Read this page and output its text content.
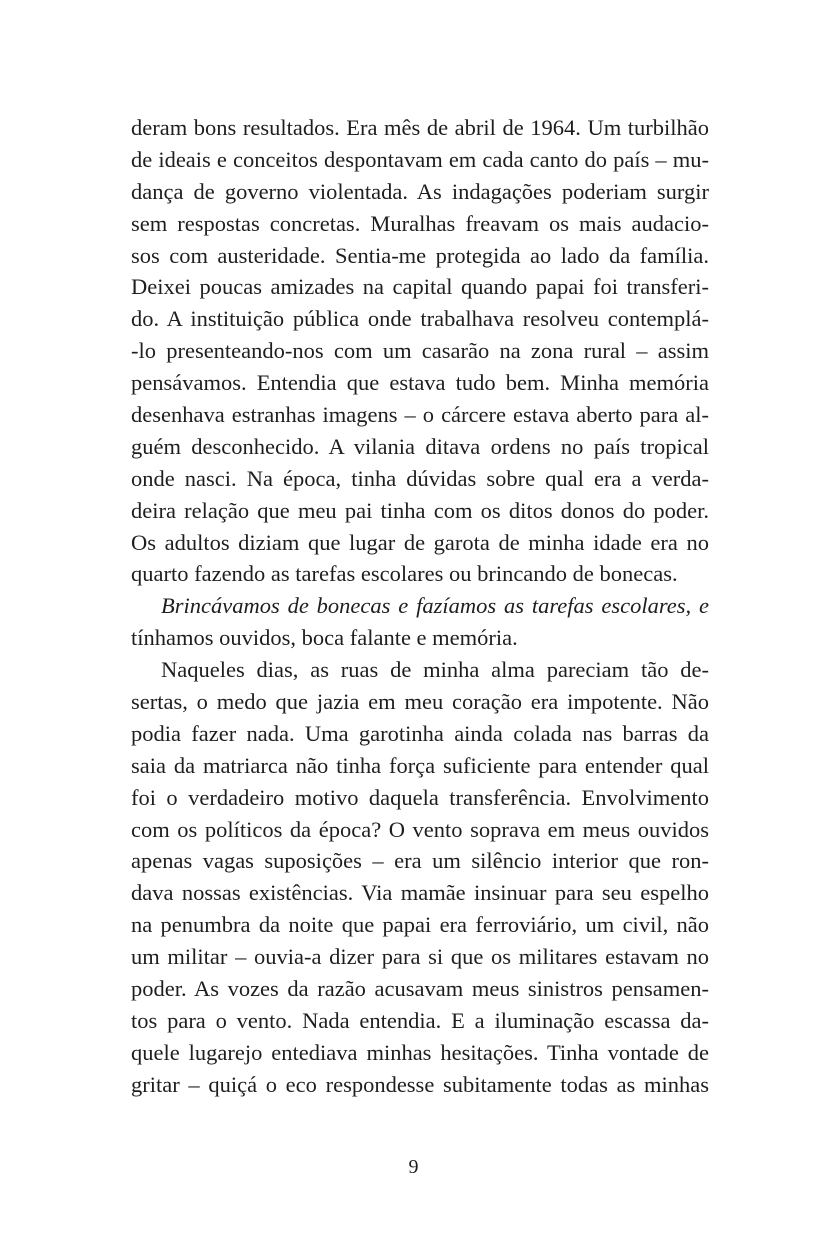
deram bons resultados. Era mês de abril de 1964. Um turbilhão
de ideais e conceitos despontavam em cada canto do país – mu-
dança de governo violentada. As indagações poderiam surgir
sem respostas concretas. Muralhas freavam os mais audacio-
sos com austeridade. Sentia-me protegida ao lado da família.
Deixei poucas amizades na capital quando papai foi transferi-
do. A instituição pública onde trabalhava resolveu contemplá-
-lo presenteando-nos com um casarão na zona rural – assim
pensávamos. Entendia que estava tudo bem. Minha memória
desenhava estranhas imagens – o cárcere estava aberto para al-
guém desconhecido. A vilania ditava ordens no país tropical
onde nasci. Na época, tinha dúvidas sobre qual era a verda-
deira relação que meu pai tinha com os ditos donos do poder.
Os adultos diziam que lugar de garota de minha idade era no
quarto fazendo as tarefas escolares ou brincando de bonecas.
Brincávamos de bonecas e fazíamos as tarefas escolares, e
tínhamos ouvidos, boca falante e memória.
Naqueles dias, as ruas de minha alma pareciam tão de-
sertas, o medo que jazia em meu coração era impotente. Não
podia fazer nada. Uma garotinha ainda colada nas barras da
saia da matriarca não tinha força suficiente para entender qual
foi o verdadeiro motivo daquela transferência. Envolvimento
com os políticos da época? O vento soprava em meus ouvidos
apenas vagas suposições – era um silêncio interior que ron-
dava nossas existências. Via mamãe insinuar para seu espelho
na penumbra da noite que papai era ferroviário, um civil, não
um militar – ouvia-a dizer para si que os militares estavam no
poder. As vozes da razão acusavam meus sinistros pensamen-
tos para o vento. Nada entendia. E a iluminação escassa da-
quele lugarejo entediava minhas hesitações. Tinha vontade de
gritar – quiçá o eco respondesse subitamente todas as minhas
9
